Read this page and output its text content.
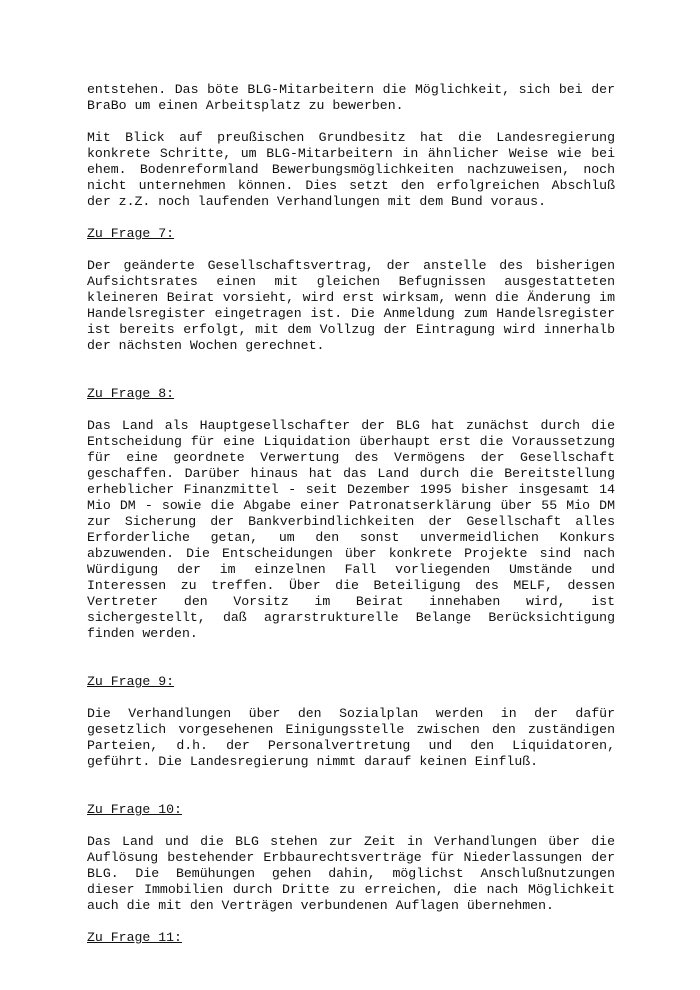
entstehen. Das böte BLG-Mitarbeitern die Möglichkeit, sich bei der BraBo um einen Arbeitsplatz zu bewerben.

Mit Blick auf preußischen Grundbesitz hat die Landesregierung konkrete Schritte, um BLG-Mitarbeitern in ähnlicher Weise wie bei ehem. Bodenreformland Bewerbungsmöglichkeiten nachzuweisen, noch nicht unternehmen können. Dies setzt den erfolgreichen Abschluß der z.Z. noch laufenden Verhandlungen mit dem Bund voraus.

Zu Frage 7:

Der geänderte Gesellschaftsvertrag, der anstelle des bisherigen Aufsichtsrates einen mit gleichen Befugnissen ausgestatteten kleineren Beirat vorsieht, wird erst wirksam, wenn die Änderung im Handelsregister eingetragen ist. Die Anmeldung zum Handelsregister ist bereits erfolgt, mit dem Vollzug der Eintragung wird innerhalb der nächsten Wochen gerechnet.

Zu Frage 8:

Das Land als Hauptgesellschafter der BLG hat zunächst durch die Entscheidung für eine Liquidation überhaupt erst die Voraussetzung für eine geordnete Verwertung des Vermögens der Gesellschaft geschaffen. Darüber hinaus hat das Land durch die Bereitstellung erheblicher Finanzmittel - seit Dezember 1995 bisher insgesamt 14 Mio DM - sowie die Abgabe einer Patronatserklärung über 55 Mio DM zur Sicherung der Bankverbindlichkeiten der Gesellschaft alles Erforderliche getan, um den sonst unvermeidlichen Konkurs abzuwenden. Die Entscheidungen über konkrete Projekte sind nach Würdigung der im einzelnen Fall vorliegenden Umstände und Interessen zu treffen. Über die Beteiligung des MELF, dessen Vertreter den Vorsitz im Beirat innehaben wird, ist sichergestellt, daß agrarstrukturelle Belange Berücksichtigung finden werden.

Zu Frage 9:

Die Verhandlungen über den Sozialplan werden in der dafür gesetzlich vorgesehenen Einigungsstelle zwischen den zuständigen Parteien, d.h. der Personalvertretung und den Liquidatoren, geführt. Die Landesregierung nimmt darauf keinen Einfluß.

Zu Frage 10:

Das Land und die BLG stehen zur Zeit in Verhandlungen über die Auflösung bestehender Erbbaurechtsverträge für Niederlassungen der BLG. Die Bemühungen gehen dahin, möglichst Anschlußnutzungen dieser Immobilien durch Dritte zu erreichen, die nach Möglichkeit auch die mit den Verträgen verbundenen Auflagen übernehmen.

Zu Frage 11:
